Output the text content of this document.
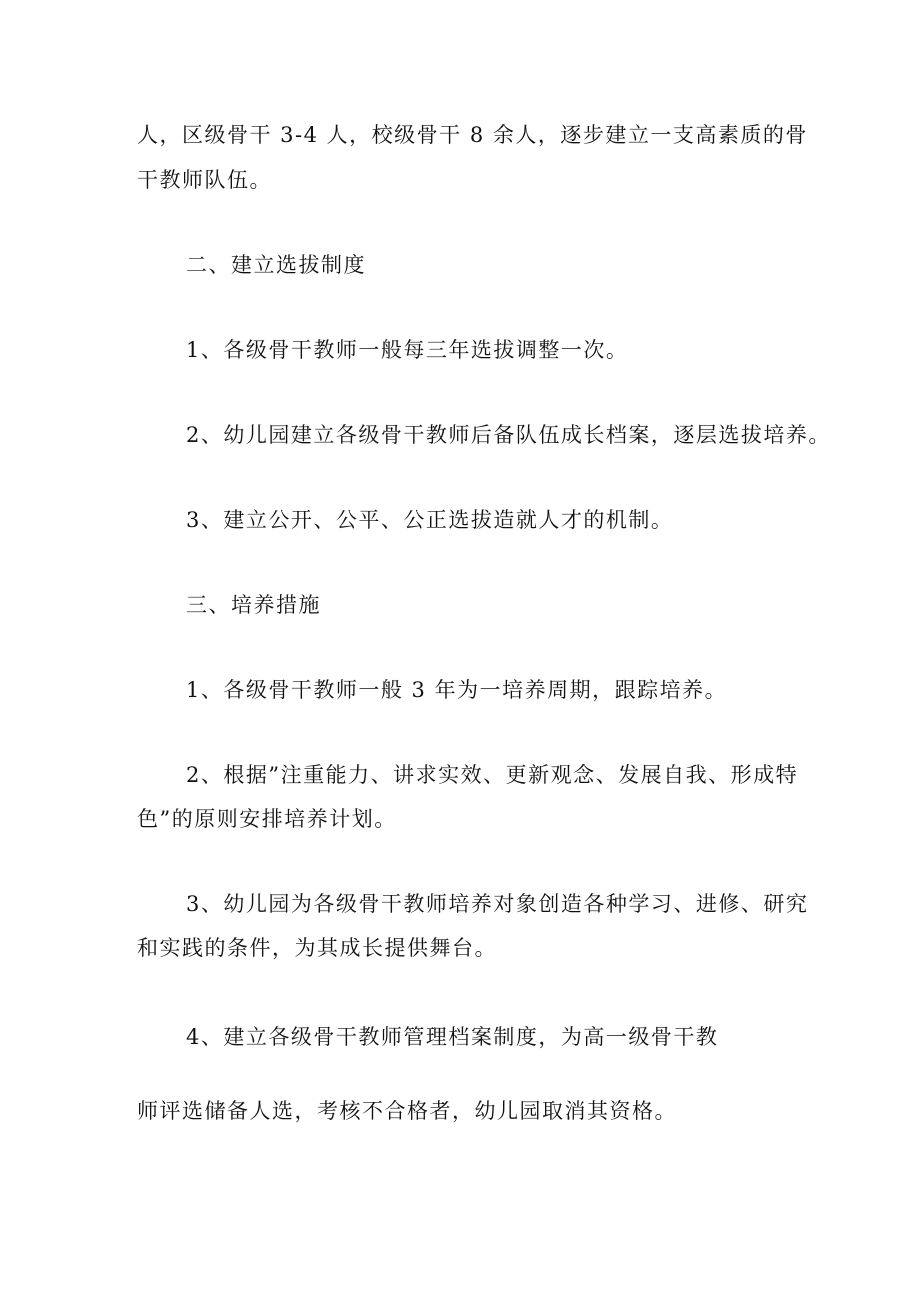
人，区级骨干 3-4 人，校级骨干 8 余人，逐步建立一支高素质的骨
干教师队伍。
二、建立选拔制度
1、各级骨干教师一般每三年选拔调整一次。
2、幼儿园建立各级骨干教师后备队伍成长档案，逐层选拔培养。
3、建立公开、公平、公正选拔造就人才的机制。
三、培养措施
1、各级骨干教师一般 3 年为一培养周期，跟踪培养。
2、根据”注重能力、讲求实效、更新观念、发展自我、形成特
色”的原则安排培养计划。
3、幼儿园为各级骨干教师培养对象创造各种学习、进修、研究
和实践的条件，为其成长提供舞台。
4、建立各级骨干教师管理档案制度，为高一级骨干教
师评选储备人选，考核不合格者，幼儿园取消其资格。
